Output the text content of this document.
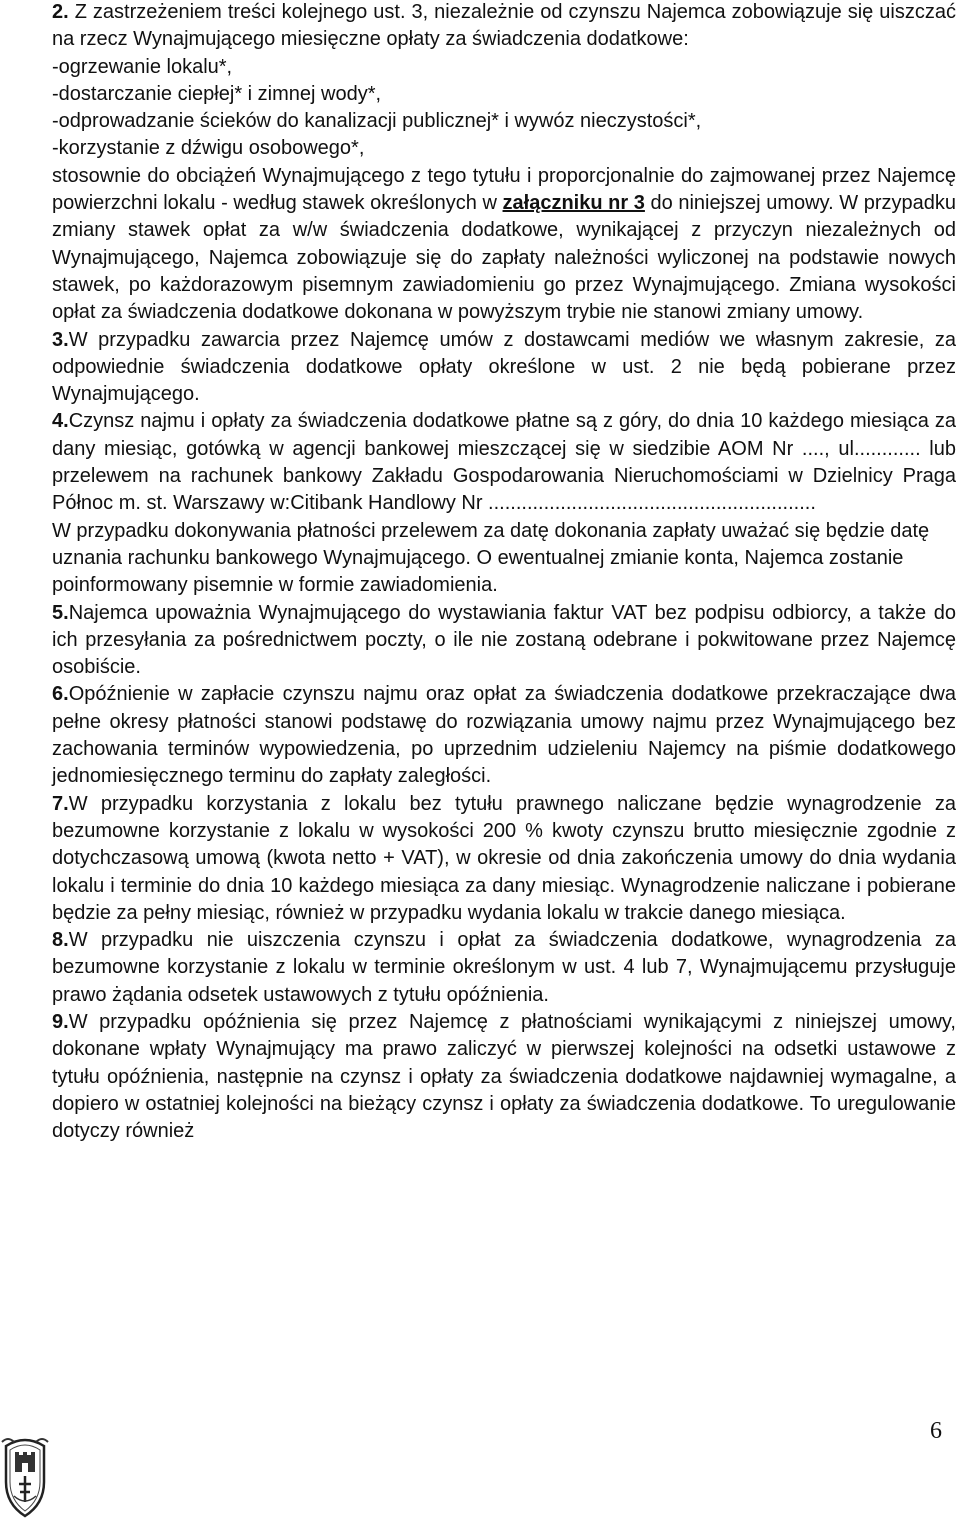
2. Z zastrzeżeniem treści kolejnego ust. 3, niezależnie od czynszu Najemca zobowiązuje się uiszczać na rzecz Wynajmującego miesięczne opłaty za świadczenia dodatkowe:
-ogrzewanie lokalu*,
-dostarczanie ciepłej* i zimnej wody*,
-odprowadzanie ścieków do kanalizacji publicznej* i wywóz nieczystości*,
-korzystanie z dźwigu osobowego*,
stosownie do obciążeń Wynajmującego z tego tytułu i proporcjonalnie do zajmowanej przez Najemcę powierzchni lokalu - według stawek określonych w załączniku nr 3 do niniejszej umowy. W przypadku zmiany stawek opłat za w/w świadczenia dodatkowe, wynikającej z przyczyn niezależnych od Wynajmującego, Najemca zobowiązuje się do zapłaty należności wyliczonej na podstawie nowych stawek, po każdorazowym pisemnym zawiadomieniu go przez Wynajmującego. Zmiana wysokości opłat za świadczenia dodatkowe dokonana w powyższym trybie nie stanowi zmiany umowy.
3.W przypadku zawarcia przez Najemcę umów z dostawcami mediów we własnym zakresie, za odpowiednie świadczenia dodatkowe opłaty określone w ust. 2 nie będą pobierane przez Wynajmującego.
4.Czynsz najmu i opłaty za świadczenia dodatkowe płatne są z góry, do dnia 10 każdego miesiąca za dany miesiąc, gotówką w agencji bankowej mieszczącej się w siedzibie AOM Nr ...., ul............ lub przelewem na rachunek bankowy Zakładu Gospodarowania Nieruchomościami w Dzielnicy Praga Północ m. st. Warszawy w:Citibank Handlowy Nr ...........................................................
W przypadku dokonywania płatności przelewem za datę dokonania zapłaty uważać się będzie datę uznania rachunku bankowego Wynajmującego. O ewentualnej zmianie konta, Najemca zostanie poinformowany pisemnie w formie zawiadomienia.
5.Najemca upoważnia Wynajmującego do wystawiania faktur VAT bez podpisu odbiorcy, a także do ich przesyłania za pośrednictwem poczty, o ile nie zostaną odebrane i pokwitowane przez Najemcę osobiście.
6.Opóźnienie w zapłacie czynszu najmu oraz opłat za świadczenia dodatkowe przekraczające dwa pełne okresy płatności stanowi podstawę do rozwiązania umowy najmu przez Wynajmującego bez zachowania terminów wypowiedzenia, po uprzednim udzieleniu Najemcy na piśmie dodatkowego jednomiesięcznego terminu do zapłaty zaległości.
7.W przypadku korzystania z lokalu bez tytułu prawnego naliczane będzie wynagrodzenie za bezumowne korzystanie z lokalu w wysokości 200 % kwoty czynszu brutto miesięcznie zgodnie z dotychczasową umową (kwota netto + VAT), w okresie od dnia zakończenia umowy do dnia wydania lokalu i terminie do dnia 10 każdego miesiąca za dany miesiąc. Wynagrodzenie naliczane i pobierane będzie za pełny miesiąc, również w przypadku wydania lokalu w trakcie danego miesiąca.
8.W przypadku nie uiszczenia czynszu i opłat za świadczenia dodatkowe, wynagrodzenia za bezumowne korzystanie z lokalu w terminie określonym w ust. 4 lub 7, Wynajmującemu przysługuje prawo żądania odsetek ustawowych z tytułu opóźnienia.
9.W przypadku opóźnienia się przez Najemcę z płatnościami wynikającymi z niniejszej umowy, dokonane wpłaty Wynajmujący ma prawo zaliczyć w pierwszej kolejności na odsetki ustawowe z tytułu opóźnienia, następnie na czynsz i opłaty za świadczenia dodatkowe najdawniej wymagalne, a dopiero w ostatniej kolejności na bieżący czynsz i opłaty za świadczenia dodatkowe. To uregulowanie dotyczy również
6
